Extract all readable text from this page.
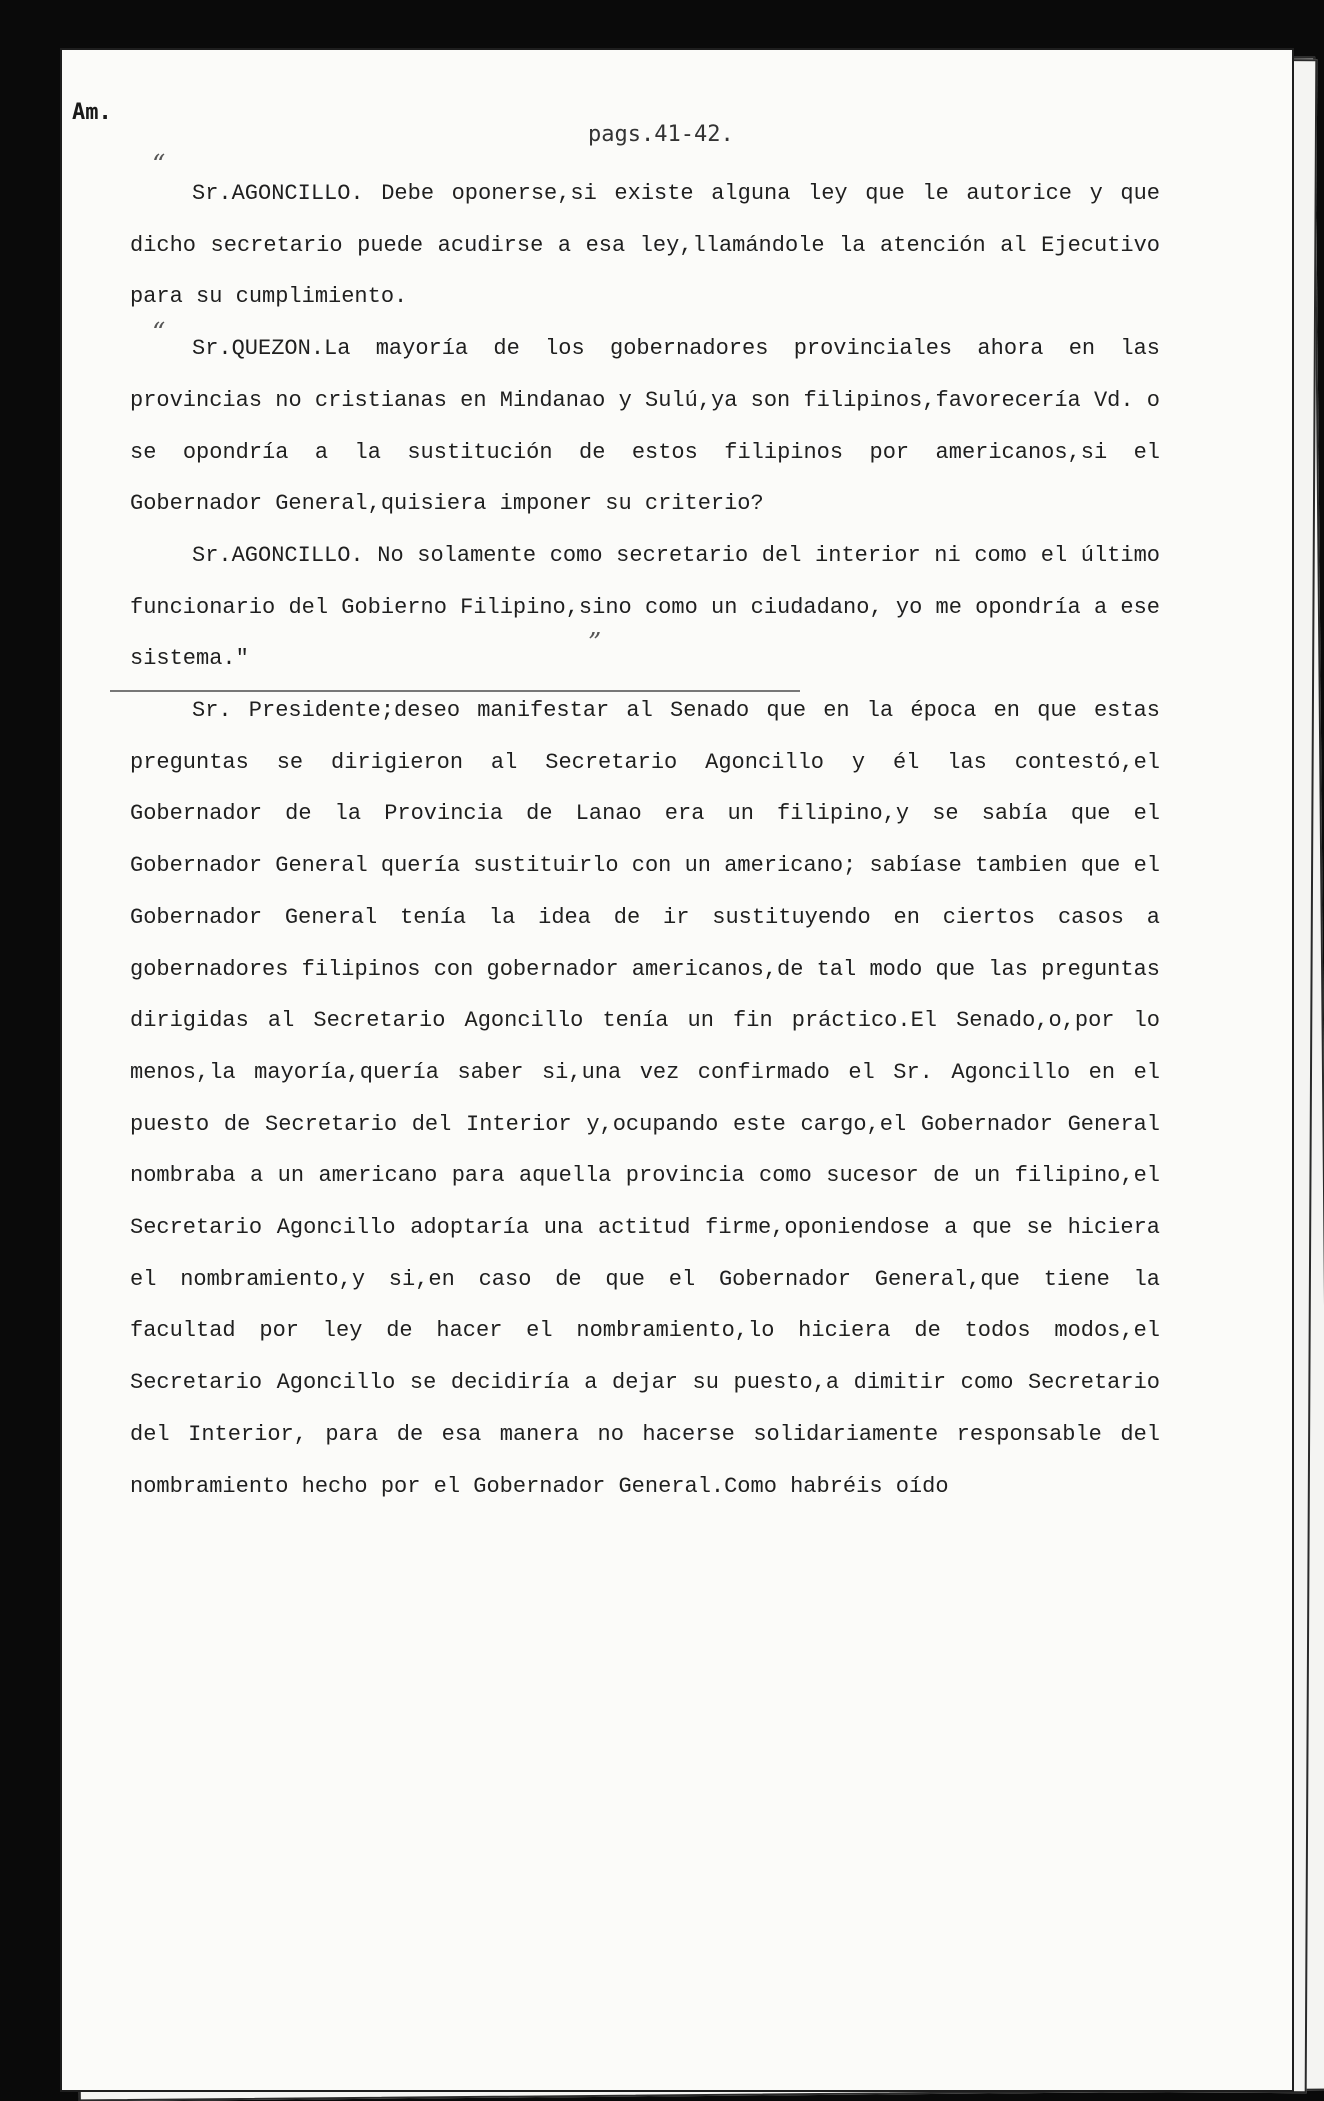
Am.

pags.41-42.

“
“
”

Sr.AGONCILLO. Debe oponerse,si existe alguna ley que le autorice y que dicho secretario puede acudirse a esa ley,llamándole la atención al Ejecutivo para su cumplimiento.

Sr.QUEZON.La mayoría de los gobernadores provinciales ahora en las provincias no cristianas en Mindanao y Sulú,ya son filipinos,favorecería Vd. o se opondría a la sustitución de estos filipinos por americanos,si el Gobernador General,quisiera imponer su criterio?

Sr.AGONCILLO. No solamente como secretario del interior ni como el último funcionario del Gobierno Filipino,sino como un ciudadano, yo me opondría a ese sistema."

Sr. Presidente;deseo manifestar al Senado que en la época en que estas preguntas se dirigieron al Secretario Agoncillo y él las contestó,el Gobernador de la Provincia de Lanao era un filipino,y se sabía que el Gobernador General quería sustituirlo con un americano; sabíase tambien que el Gobernador General tenía la idea de ir sustituyendo en ciertos casos a gobernadores filipinos con gobernador americanos,de tal modo que las preguntas dirigidas al Secretario Agoncillo tenía un fin práctico.El Senado,o,por lo menos,la mayoría,quería saber si,una vez confirmado el Sr. Agoncillo en el puesto de Secretario del Interior y,ocupando este cargo,el Gobernador General nombraba a un americano para aquella provincia como sucesor de un filipino,el Secretario Agoncillo adoptaría una actitud firme,oponiendose a que se hiciera el nombramiento,y si,en caso de que el Gobernador General,que tiene la facultad por ley de hacer el nombramiento,lo hiciera de todos modos,el Secretario Agoncillo se decidiría a dejar su puesto,a dimitir como Secretario del Interior, para de esa manera no hacerse solidariamente responsable del nombramiento hecho por el Gobernador General.Como habréis oído
